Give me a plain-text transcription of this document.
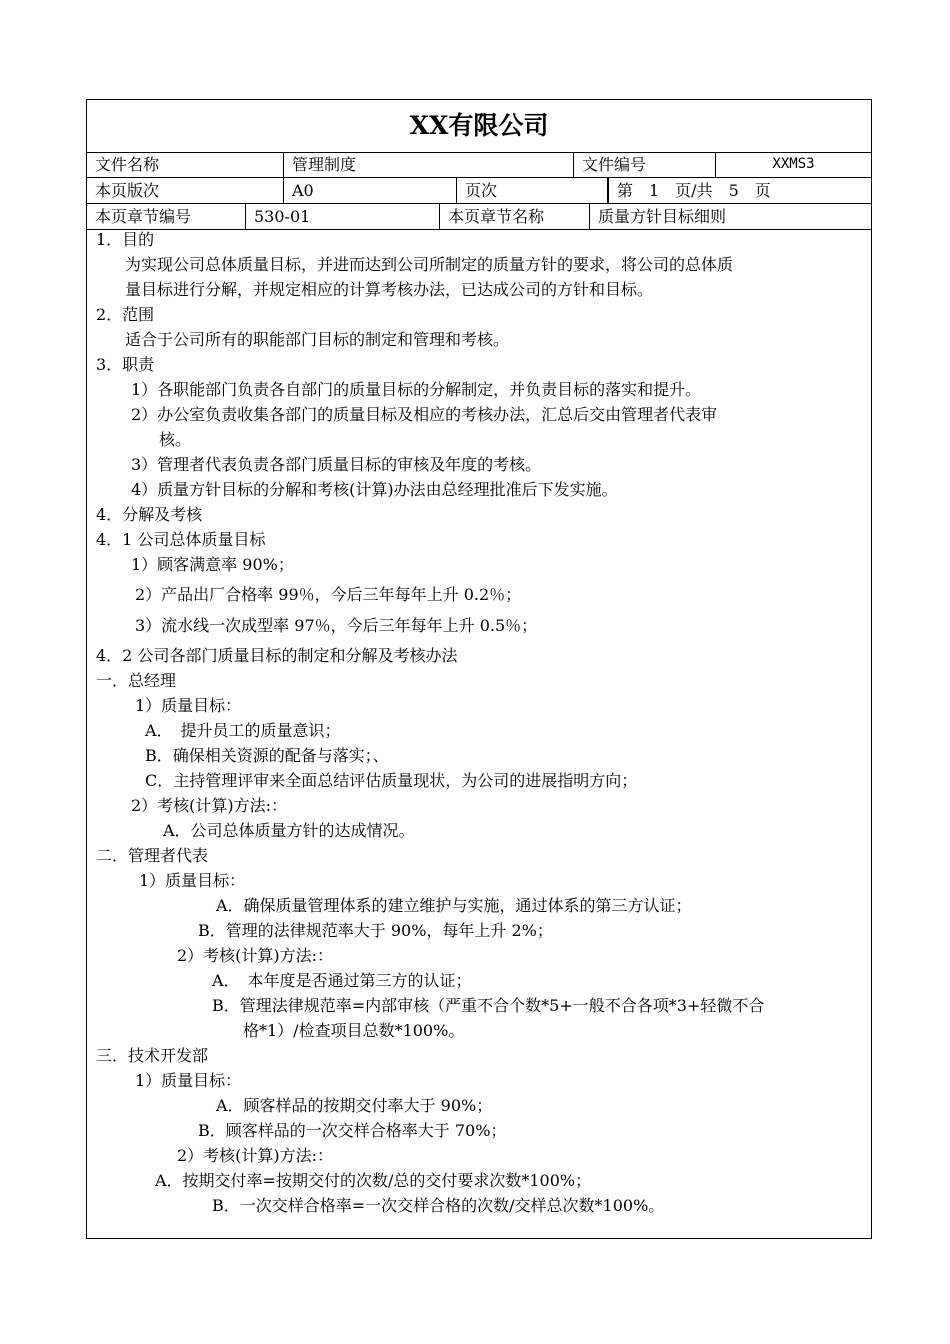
XX有限公司
文件名称	管理制度	文件编号	XXMS3
本页版次	A0	页次	第　1　页/共　5　页
本页章节编号	530-01	本页章节名称	质量方针目标细则
1．目的
为实现公司总体质量目标，并进而达到公司所制定的质量方针的要求，将公司的总体质
量目标进行分解，并规定相应的计算考核办法，已达成公司的方针和目标。
2．范围
适合于公司所有的职能部门目标的制定和管理和考核。
3．职责
1）各职能部门负责各自部门的质量目标的分解制定，并负责目标的落实和提升。
2）办公室负责收集各部门的质量目标及相应的考核办法，汇总后交由管理者代表审
核。
3）管理者代表负责各部门质量目标的审核及年度的考核。
4）质量方针目标的分解和考核(计算)办法由总经理批准后下发实施。
4．分解及考核
4．1 公司总体质量目标
1）顾客满意率 90%；
2）产品出厂合格率 99％，今后三年每年上升 0.2％；
3）流水线一次成型率 97％，今后三年每年上升 0.5％；
4．2 公司各部门质量目标的制定和分解及考核办法
一．总经理
1）质量目标：
A．　提升员工的质量意识；
B．确保相关资源的配备与落实；、
C．主持管理评审来全面总结评估质量现状，为公司的进展指明方向；
2）考核(计算)方法:：
A．公司总体质量方针的达成情况。
二．管理者代表
1）质量目标：
A．确保质量管理体系的建立维护与实施，通过体系的第三方认证；
B．管理的法律规范率大于 90%，每年上升 2%；
2）考核(计算)方法:：
A．　本年度是否通过第三方的认证；
B．管理法律规范率=内部审核（严重不合个数*5+一般不合各项*3+轻微不合
格*1）/检查项目总数*100%。
三．技术开发部
1）质量目标：
A．顾客样品的按期交付率大于 90%；
B．顾客样品的一次交样合格率大于 70%；
2）考核(计算)方法:：
A．按期交付率=按期交付的次数/总的交付要求次数*100%；
B．一次交样合格率=一次交样合格的次数/交样总次数*100%。
